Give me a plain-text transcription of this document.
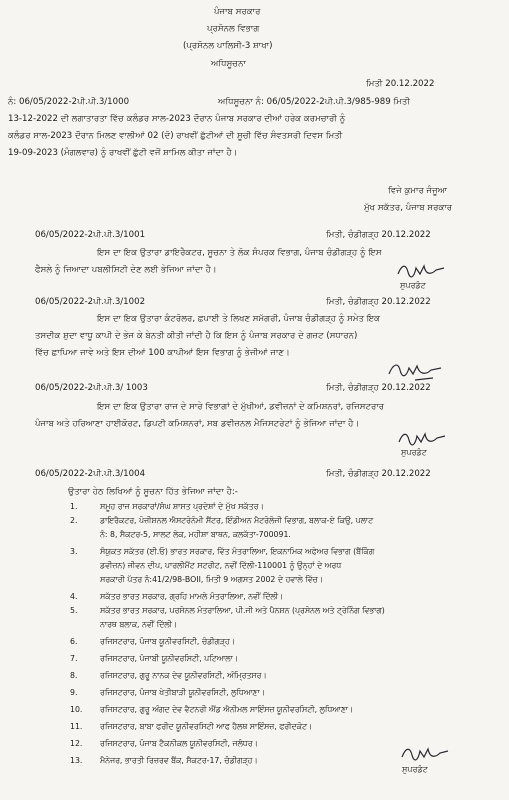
ਪੰਜਾਬ ਸਰਕਾਰ
ਪ੍ਰਸੋਨਲ ਵਿਭਾਗ
(ਪ੍ਰਸੋਨਲ ਪਾਲਿਸੀ-3 ਸ਼ਾਖਾ)
ਅਧਿਸੂਚਨਾ
ਮਿਤੀ 20.12.2022
ਨੰ: 06/05/2022-2ਪੀ.ਪੀ.3/1000	ਅਧਿਸੂਚਨਾ ਨੰ: 06/05/2022-2ਪੀ.ਪੀ.3/985-989 ਮਿਤੀ
13-12-2022 ਦੀ ਲਗਾਤਾਰਤਾ ਵਿੱਚ ਕਲੰਡਰ ਸਾਲ-2023 ਦੌਰਾਨ ਪੰਜਾਬ ਸਰਕਾਰ ਦੀਆਂ ਹਰੇਕ ਕਰਮਚਾਰੀ ਨੂੰ
ਕਲੰਡਰ ਸਾਲ-2023 ਦੌਰਾਨ ਮਿਲਣ ਵਾਲੀਆਂ 02 (ਦੋ) ਰਾਖਵੀਂ ਛੁੱਟੀਆਂ ਦੀ ਸੂਚੀ ਵਿੱਚ ਸੰਵਤਸਰੀ ਦਿਵਸ ਮਿਤੀ
19-09-2023 (ਮੰਗਲਵਾਰ) ਨੂੰ ਰਾਖਵੀਂ ਛੁੱਟੀ ਵਜੋਂ ਸ਼ਾਮਿਲ ਕੀਤਾ ਜਾਂਦਾ ਹੈ।
ਵਿਜੇ ਕੁਮਾਰ ਜੰਜੂਆ
ਮੁੱਖ ਸਕੱਤਰ, ਪੰਜਾਬ ਸਰਕਾਰ
06/05/2022-2ਪੀ.ਪੀ.3/1001	ਮਿਤੀ, ਚੰਡੀਗੜ੍ਹ 20.12.2022
ਇਸ ਦਾ ਇਕ ਉਤਾਰਾ ਡਾਇਰੈਕਟਰ, ਸੂਚਨਾ ਤੇ ਲੋਕ ਸੰਪਰਕ ਵਿਭਾਗ, ਪੰਜਾਬ ਚੰਡੀਗੜ੍ਹ ਨੂੰ ਇਸ
ਫੈਸਲੇ ਨੂੰ ਜਿਆਦਾ ਪਬਲੀਸਿਟੀ ਦੇਣ ਲਈ ਭੇਜਿਆ ਜਾਂਦਾ ਹੈ।
ਸੁਪਰਡੰਟ
06/05/2022-2ਪੀ.ਪੀ.3/1002	ਮਿਤੀ, ਚੰਡੀਗੜ੍ਹ 20.12.2022
ਇਸ ਦਾ ਇਕ ਉਤਾਰਾ ਕੰਟਰੋਲਰ, ਛਪਾਈ ਤੇ ਲਿਖਣ ਸਮੱਗਰੀ, ਪੰਜਾਬ ਚੰਡੀਗੜ੍ਹ ਨੂੰ ਸਮੇਤ ਇਕ
ਤਸਦੀਕ ਸ਼ੁਦਾ ਵਾਧੂ ਕਾਪੀ ਦੇ ਭੇਜ ਕੇ ਬੇਨਤੀ ਕੀਤੀ ਜਾਂਦੀ ਹੈ ਕਿ ਇਸ ਨੂੰ ਪੰਜਾਬ ਸਰਕਾਰ ਦੇ ਗਜ਼ਟ (ਸਧਾਰਨ)
ਵਿੱਚ ਛਾਪਿਆ ਜਾਵੇ ਅਤੇ ਇਸ ਦੀਆਂ 100 ਕਾਪੀਆਂ ਇਸ ਵਿਭਾਗ ਨੂੰ ਭੇਜੀਆਂ ਜਾਣ।
06/05/2022-2ਪੀ.ਪੀ.3/ 1003	ਮਿਤੀ, ਚੰਡੀਗੜ੍ਹ 20.12.2022
ਇਸ ਦਾ ਇਕ ਉਤਾਰਾ ਰਾਜ ਦੇ ਸਾਰੇ ਵਿਭਾਗਾਂ ਦੇ ਮੁੱਖੀਆਂ, ਡਵੀਜ਼ਨਾਂ ਦੇ ਕਮਿਸ਼ਨਰਾਂ, ਰਜਿਸਟਰਾਰ
ਪੰਜਾਬ ਅਤੇ ਹਰਿਆਣਾ ਹਾਈਕੋਰਟ, ਡਿਪਟੀ ਕਮਿਸ਼ਨਰਾਂ, ਸਬ ਡਵੀਜ਼ਨਲ ਮੈਜਿਸਟਰੇਟਾਂ ਨੂੰ ਭੇਜਿਆ ਜਾਂਦਾ ਹੈ।
ਸੁਪਰਡੰਟ
06/05/2022-2ਪੀ.ਪੀ.3/1004	ਮਿਤੀ, ਚੰਡੀਗੜ੍ਹ 20.12.2022
ਉਤਾਰਾ ਹੇਠ ਲਿਖਿਆਂ ਨੂੰ ਸੂਚਨਾ ਹਿੱਤ ਭੇਜਿਆ ਜਾਂਦਾ ਹੈ:-
1.	ਸਮੂਹ ਰਾਜ ਸਰਕਾਰਾਂ/ਸੰਘ ਸ਼ਾਸਤ ਪ੍ਰਦੇਸ਼ਾਂ ਦੇ ਮੁੱਖ ਸਕੱਤਰ।
2.	ਡਾਇਰੈਕਟਰ, ਪੋਜ਼ੀਸ਼ਨਲ ਐਸਟਰੋਨੋਮੀ ਸੈਂਟਰ, ਇੰਡੀਅਨ ਮੈਟਰੋਲੋਜੀ ਵਿਭਾਗ, ਬਲਾਕ-ਏ ਕਿਉ, ਪਲਾਟ
ਨੰ: 8, ਸੈਕਟਰ-5, ਸਾਲਟ ਲੇਕ, ਮਹੀਸ਼ਾ ਬਾਥਨ, ਕਲਕੱਤਾ-700091.
3.	ਸੰਯੁਕਤ ਸਕੱਤਰ (ਈ.ਓ) ਭਾਰਤ ਸਰਕਾਰ, ਵਿੱਤ ਮੰਤਰਾਲਿਆ, ਇਕਨਾਮਿਕ ਅਫੇਅਰ ਵਿਭਾਗ (ਬੈਂਕਿੰਗ
ਡਵੀਜ਼ਨ) ਜੀਵਨ ਦੀਪ, ਪਾਰਲੀਮੈਂਟ ਸਟਰੀਟ, ਨਵੀਂ ਦਿੱਲੀ-110001 ਨੂੰ ਉਨ੍ਹਾਂ ਦੇ ਅਰਧ
ਸਰਕਾਰੀ ਪੱਤਰ ਨੰ:41/2/98-BOII, ਮਿਤੀ 9 ਅਗਸਤ 2002 ਦੇ ਹਵਾਲੇ ਵਿੱਚ।
4.	ਸਕੱਤਰ ਭਾਰਤ ਸਰਕਾਰ, ਗ੍ਰਹਿ ਮਾਮਲੇ ਮੰਤਰਾਲਿਆ, ਨਵੀਂ ਦਿੱਲੀ।
5.	ਸਕੱਤਰ ਭਾਰਤ ਸਰਕਾਰ, ਪਰਸੋਨਲ ਮੰਤਰਾਲਿਆ, ਪੀ.ਜੀ ਅਤੇ ਪੈਨਸ਼ਨ (ਪ੍ਰਸੋਨਲ ਅਤੇ ਟ੍ਰੇਨਿੰਗ ਵਿਭਾਗ)
ਨਾਰਥ ਬਲਾਕ, ਨਵੀਂ ਦਿੱਲੀ।
6.	ਰਜਿਸਟਰਾਰ, ਪੰਜਾਬ ਯੂਨੀਵਰਸਿਟੀ, ਚੰਡੀਗੜ੍ਹ।
7.	ਰਜਿਸਟਰਾਰ, ਪੰਜਾਬੀ ਯੂਨੀਵਰਸਿਟੀ, ਪਟਿਆਲਾ।
8.	ਰਜਿਸਟਰਾਰ, ਗੁਰੂ ਨਾਨਕ ਦੇਵ ਯੂਨੀਵਰਸਿਟੀ, ਅੰਮ੍ਰਿਤਸਰ।
9.	ਰਜਿਸਟਰਾਰ, ਪੰਜਾਬ ਖੇਤੀਬਾੜੀ ਯੂਨੀਵਰਸਿਟੀ, ਲੁਧਿਆਣਾ।
10.	ਰਜਿਸਟਰਾਰ, ਗੁਰੂ ਅੰਗਦ ਦੇਵ ਵੈਟਨਰੀ ਐਂਡ ਐਨੀਮਲ ਸਾਇੰਸਜ਼ ਯੂਨੀਵਰਸਿਟੀ, ਲੁਧਿਆਣਾ।
11.	ਰਜਿਸਟਰਾਰ, ਬਾਬਾ ਫਰੀਦ ਯੂਨੀਵਰਸਿਟੀ ਆਫ ਹੈਲਥ ਸਾਇੰਸਜ਼, ਫਰੀਦਕੋਟ।
12.	ਰਜਿਸਟਰਾਰ, ਪੰਜਾਬ ਟੈਕਨੀਕਲ ਯੂਨੀਵਰਸਿਟੀ, ਜਲੰਧਰ।
13.	ਮੈਨੇਜਰ, ਭਾਰਤੀ ਰਿਜ਼ਰਵ ਬੈਂਕ, ਸੈਕਟਰ-17, ਚੰਡੀਗੜ੍ਹ।
ਸੁਪਰਡੰਟ
